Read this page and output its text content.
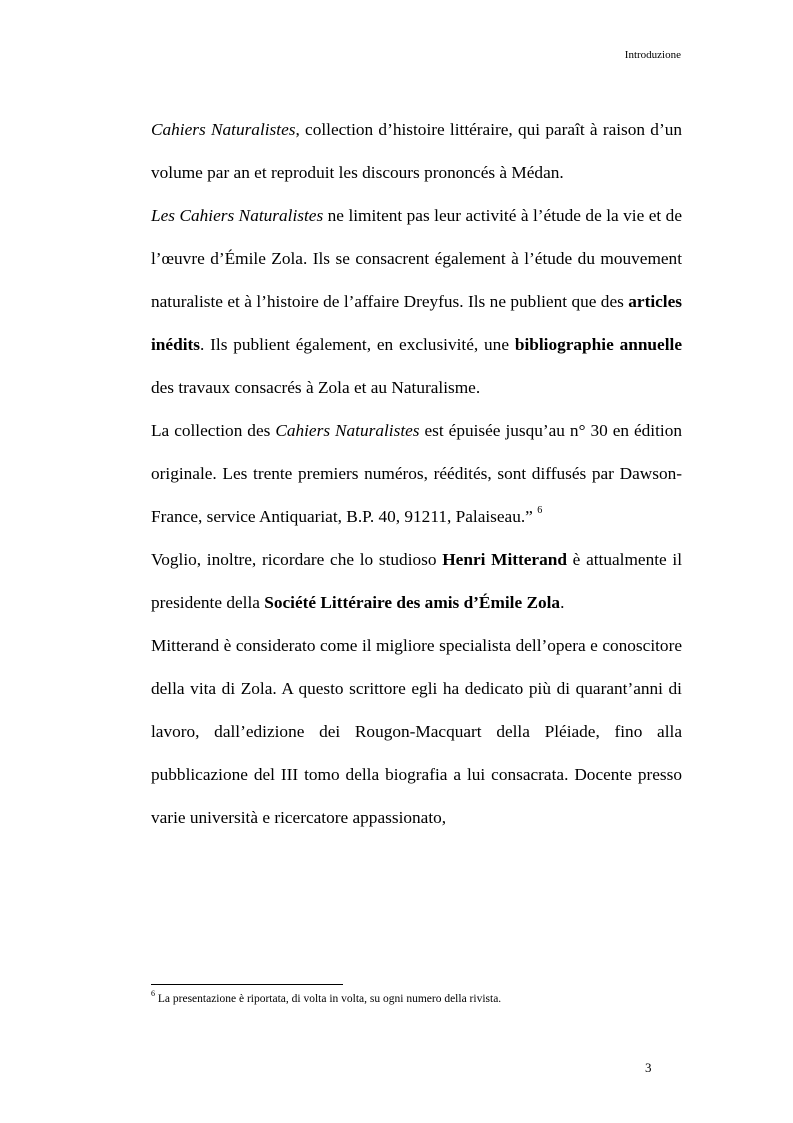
Introduzione

Cahiers Naturalistes, collection d’histoire littéraire, qui paraît à raison d’un volume par an et reproduit les discours prononcés à Médan.

Les Cahiers Naturalistes ne limitent pas leur activité à l’étude de la vie et de l’œuvre d’Émile Zola. Ils se consacrent également à l’étude du mouvement naturaliste et à l’histoire de l’affaire Dreyfus. Ils ne publient que des articles inédits. Ils publient également, en exclusivité, une bibliographie annuelle des travaux consacrés à Zola et au Naturalisme.

La collection des Cahiers Naturalistes est épuisée jusqu’au n° 30 en édition originale. Les trente premiers numéros, réédités, sont diffusés par Dawson-France, service Antiquariat, B.P. 40, 91211, Palaiseau.” $^6$

Voglio, inoltre, ricordare che lo studioso Henri Mitterand è attualmente il presidente della Société Littéraire des amis d’Émile Zola.

Mitterand è considerato come il migliore specialista dell’opera e conoscitore della vita di Zola. A questo scrittore egli ha dedicato più di quarant’anni di lavoro, dall’edizione dei Rougon-Macquart della Pléiade, fino alla pubblicazione del III tomo della biografia a lui consacrata. Docente presso varie università e ricercatore appassionato,

$^6$ La presentazione è riportata, di volta in volta, su ogni numero della rivista.
3
